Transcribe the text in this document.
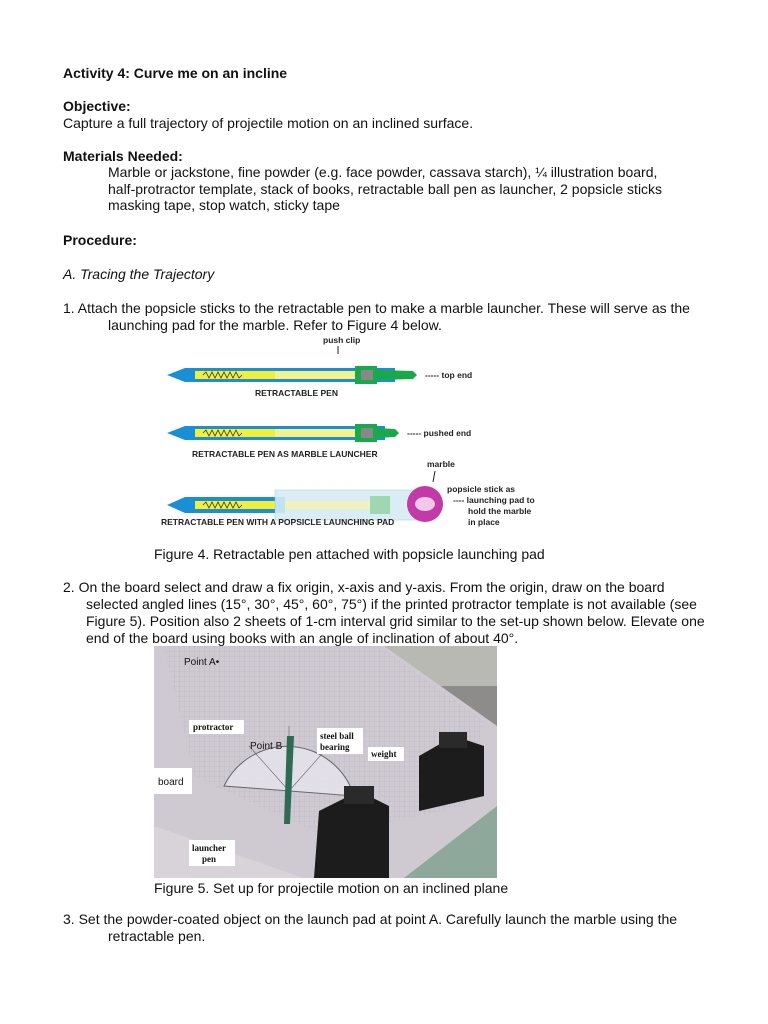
Activity 4: Curve me on an incline
Objective:
Capture a full trajectory of projectile motion on an inclined surface.
Materials Needed:
Marble or jackstone, fine powder (e.g. face powder, cassava starch), ¼ illustration board,
half-protractor template, stack of books, retractable ball pen as launcher, 2 popsicle sticks
masking tape, stop watch, sticky tape
Procedure:
A. Tracing the Trajectory
1. Attach the popsicle sticks to the retractable pen to make a marble launcher. These will serve as the
launching pad for the marble. Refer to Figure 4 below.
push clip
----- top end
RETRACTABLE PEN
----- pushed end
RETRACTABLE PEN AS MARBLE LAUNCHER
marble
popsicle stick as
---- launching pad to
hold the marble
in place
RETRACTABLE PEN WITH A POPSICLE LAUNCHING PAD
Figure 4. Retractable pen attached with popsicle launching pad
2. On the board select and draw a fix origin, x-axis and y-axis. From the origin, draw on the board
selected angled lines (15°, 30°, 45°, 60°, 75°) if the printed protractor template is not available (see
Figure 5). Position also 2 sheets of 1-cm interval grid similar to the set-up shown below. Elevate one
end of the board using books with an angle of inclination of about 40°.
Point A•
protractor
Point B
steel ball
bearing
weight
board
launcher
pen
Figure 5. Set up for projectile motion on an inclined plane
3. Set the powder-coated object on the launch pad at point A. Carefully launch the marble using the
retractable pen.
